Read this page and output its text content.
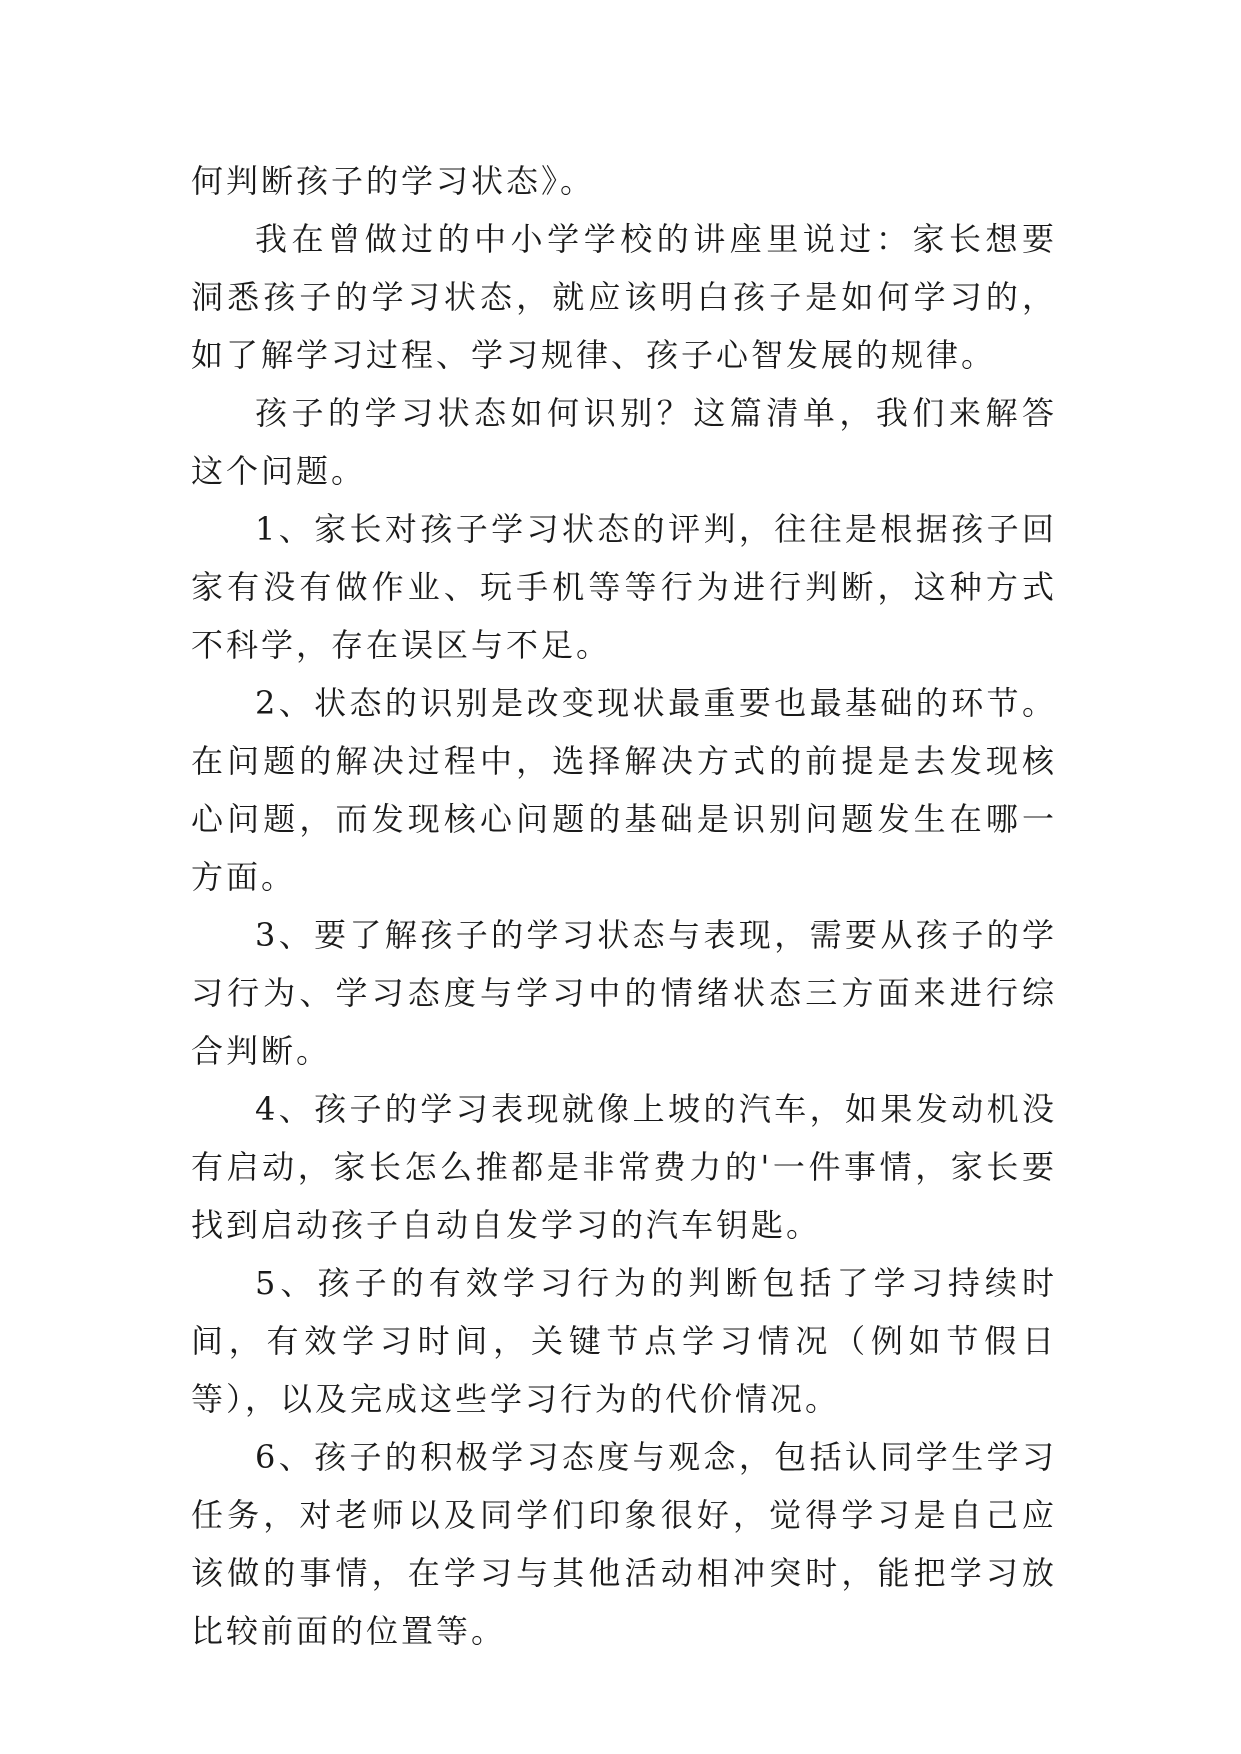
何判断孩子的学习状态》。

我在曾做过的中小学学校的讲座里说过：家长想要洞悉孩子的学习状态，就应该明白孩子是如何学习的，如了解学习过程、学习规律、孩子心智发展的规律。

孩子的学习状态如何识别？这篇清单，我们来解答这个问题。

1、家长对孩子学习状态的评判，往往是根据孩子回家有没有做作业、玩手机等等行为进行判断，这种方式不科学，存在误区与不足。

2、状态的识别是改变现状最重要也最基础的环节。在问题的解决过程中，选择解决方式的前提是去发现核心问题，而发现核心问题的基础是识别问题发生在哪一方面。

3、要了解孩子的学习状态与表现，需要从孩子的学习行为、学习态度与学习中的情绪状态三方面来进行综合判断。

4、孩子的学习表现就像上坡的汽车，如果发动机没有启动，家长怎么推都是非常费力的'一件事情，家长要找到启动孩子自动自发学习的汽车钥匙。

5、孩子的有效学习行为的判断包括了学习持续时间，有效学习时间，关键节点学习情况（例如节假日等），以及完成这些学习行为的代价情况。

6、孩子的积极学习态度与观念，包括认同学生学习任务，对老师以及同学们印象很好，觉得学习是自己应该做的事情，在学习与其他活动相冲突时，能把学习放比较前面的位置等。
